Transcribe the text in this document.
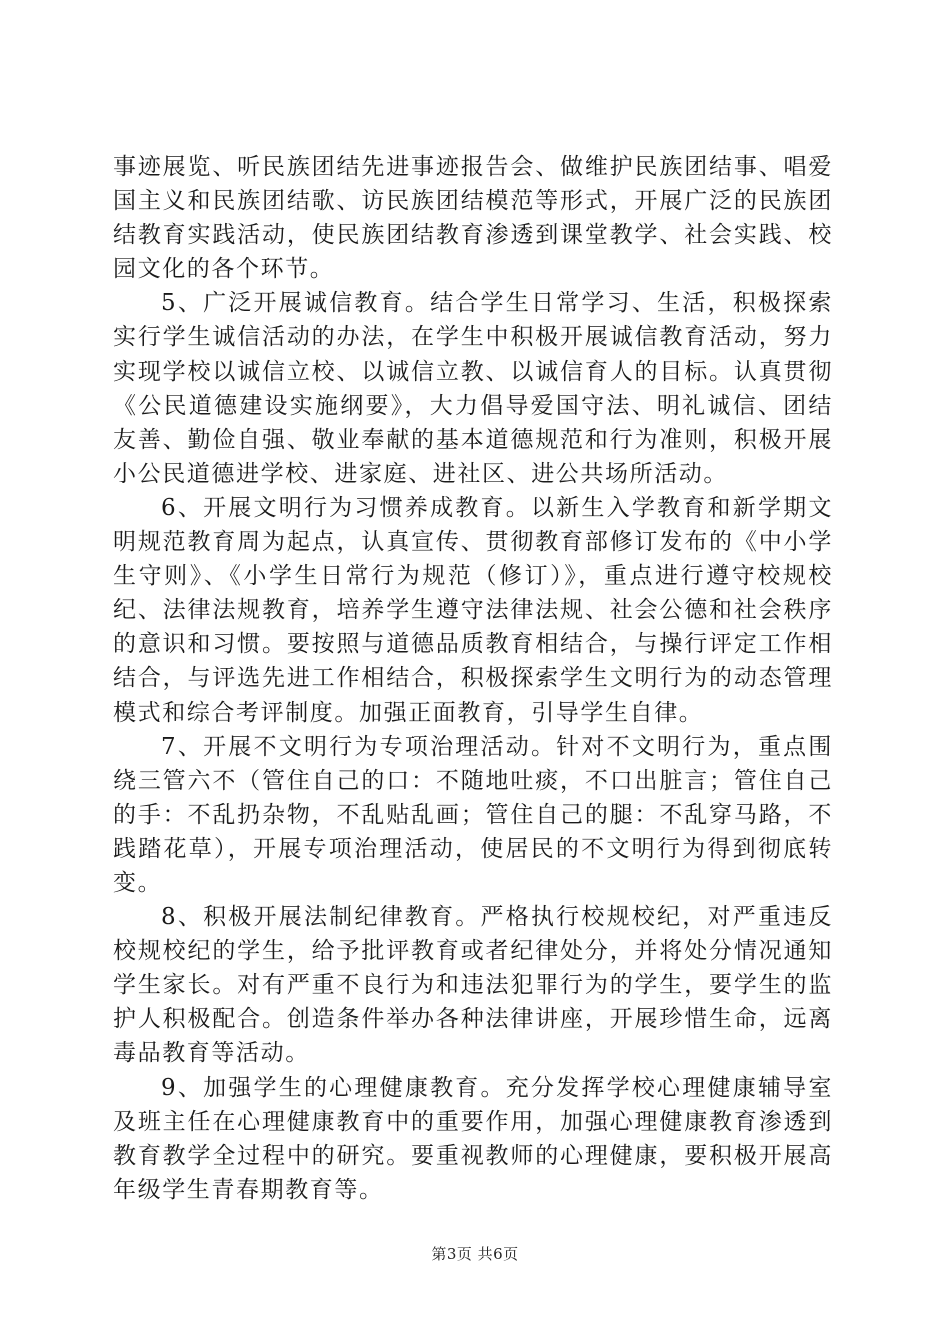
事迹展览、听民族团结先进事迹报告会、做维护民族团结事、唱爱国主义和民族团结歌、访民族团结模范等形式，开展广泛的民族团结教育实践活动，使民族团结教育渗透到课堂教学、社会实践、校园文化的各个环节。

5、广泛开展诚信教育。结合学生日常学习、生活，积极探索实行学生诚信活动的办法，在学生中积极开展诚信教育活动，努力实现学校以诚信立校、以诚信立教、以诚信育人的目标。认真贯彻《公民道德建设实施纲要》，大力倡导爱国守法、明礼诚信、团结友善、勤俭自强、敬业奉献的基本道德规范和行为准则，积极开展小公民道德进学校、进家庭、进社区、进公共场所活动。

6、开展文明行为习惯养成教育。以新生入学教育和新学期文明规范教育周为起点，认真宣传、贯彻教育部修订发布的《中小学生守则》、《小学生日常行为规范（修订）》，重点进行遵守校规校纪、法律法规教育，培养学生遵守法律法规、社会公德和社会秩序的意识和习惯。要按照与道德品质教育相结合，与操行评定工作相结合，与评选先进工作相结合，积极探索学生文明行为的动态管理模式和综合考评制度。加强正面教育，引导学生自律。

7、开展不文明行为专项治理活动。针对不文明行为，重点围绕三管六不（管住自己的口：不随地吐痰，不口出脏言；管住自己的手：不乱扔杂物，不乱贴乱画；管住自己的腿：不乱穿马路，不践踏花草），开展专项治理活动，使居民的不文明行为得到彻底转变。

8、积极开展法制纪律教育。严格执行校规校纪，对严重违反校规校纪的学生，给予批评教育或者纪律处分，并将处分情况通知学生家长。对有严重不良行为和违法犯罪行为的学生，要学生的监护人积极配合。创造条件举办各种法律讲座，开展珍惜生命，远离毒品教育等活动。

9、加强学生的心理健康教育。充分发挥学校心理健康辅导室及班主任在心理健康教育中的重要作用，加强心理健康教育渗透到教育教学全过程中的研究。要重视教师的心理健康，要积极开展高年级学生青春期教育等。

第3页 共6页
